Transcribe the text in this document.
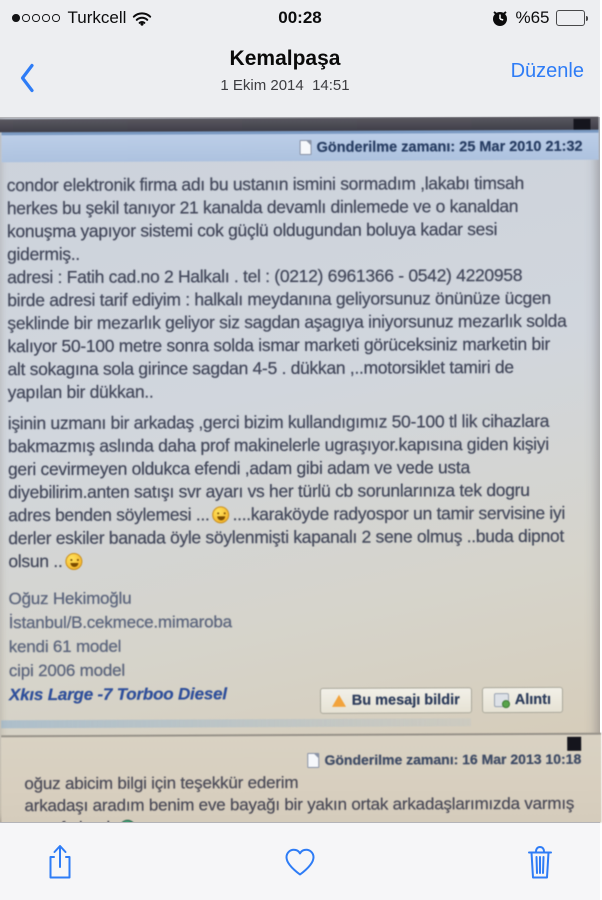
Turkcell	00:28	%65
Kemalpaşa
1 Ekim 2014  14:51
Düzenle
Gönderilme zamanı: 25 Mar 2010 21:32
condor elektronik firma adı bu ustanın ismini sormadım ,lakabı timsah
herkes bu şekil tanıyor 21 kanalda devamlı dinlemede ve o kanaldan
konuşma yapıyor sistemi cok güçlü oldugundan boluya kadar sesi
gidermiş..
adresi : Fatih cad.no 2 Halkalı . tel : (0212) 6961366 - 0542) 4220958
birde adresi tarif ediyim : halkalı meydanına geliyorsunuz önünüze ücgen
şeklinde bir mezarlık geliyor siz sagdan aşagıya iniyorsunuz mezarlık solda
kalıyor 50-100 metre sonra solda ismar marketi görüceksiniz marketin bir
alt sokagına sola girince sagdan 4-5 . dükkan ,..motorsiklet tamiri de
yapılan bir dükkan..
işinin uzmanı bir arkadaş ,gerci bizim kullandıgımız 50-100 tl lik cihazlara
bakmazmış aslında daha prof makinelerle ugraşıyor.kapısına giden kişiyi
geri cevirmeyen oldukca efendi ,adam gibi adam ve vede usta
diyebilirim.anten satışı svr ayarı vs her türlü cb sorunlarınıza tek dogru
adres benden söylemesi ... ....karaköyde radyospor un tamir servisine iyi
derler eskiler banada öyle söylenmişti kapanalı 2 sene olmuş ..buda dipnot
olsun ..
Oğuz Hekimoğlu
İstanbul/B.cekmece.mimaroba
kendi 61 model
cipi 2006 model
Xkıs Large -7 Torboo Diesel	Bu mesajı bildir	Alıntı
Gönderilme zamanı: 16 Mar 2013 10:18
oğuz abicim bilgi için teşekkür ederim
arkadaşı aradım benim eve bayağı bir yakın ortak arkadaşlarımızda varmış
